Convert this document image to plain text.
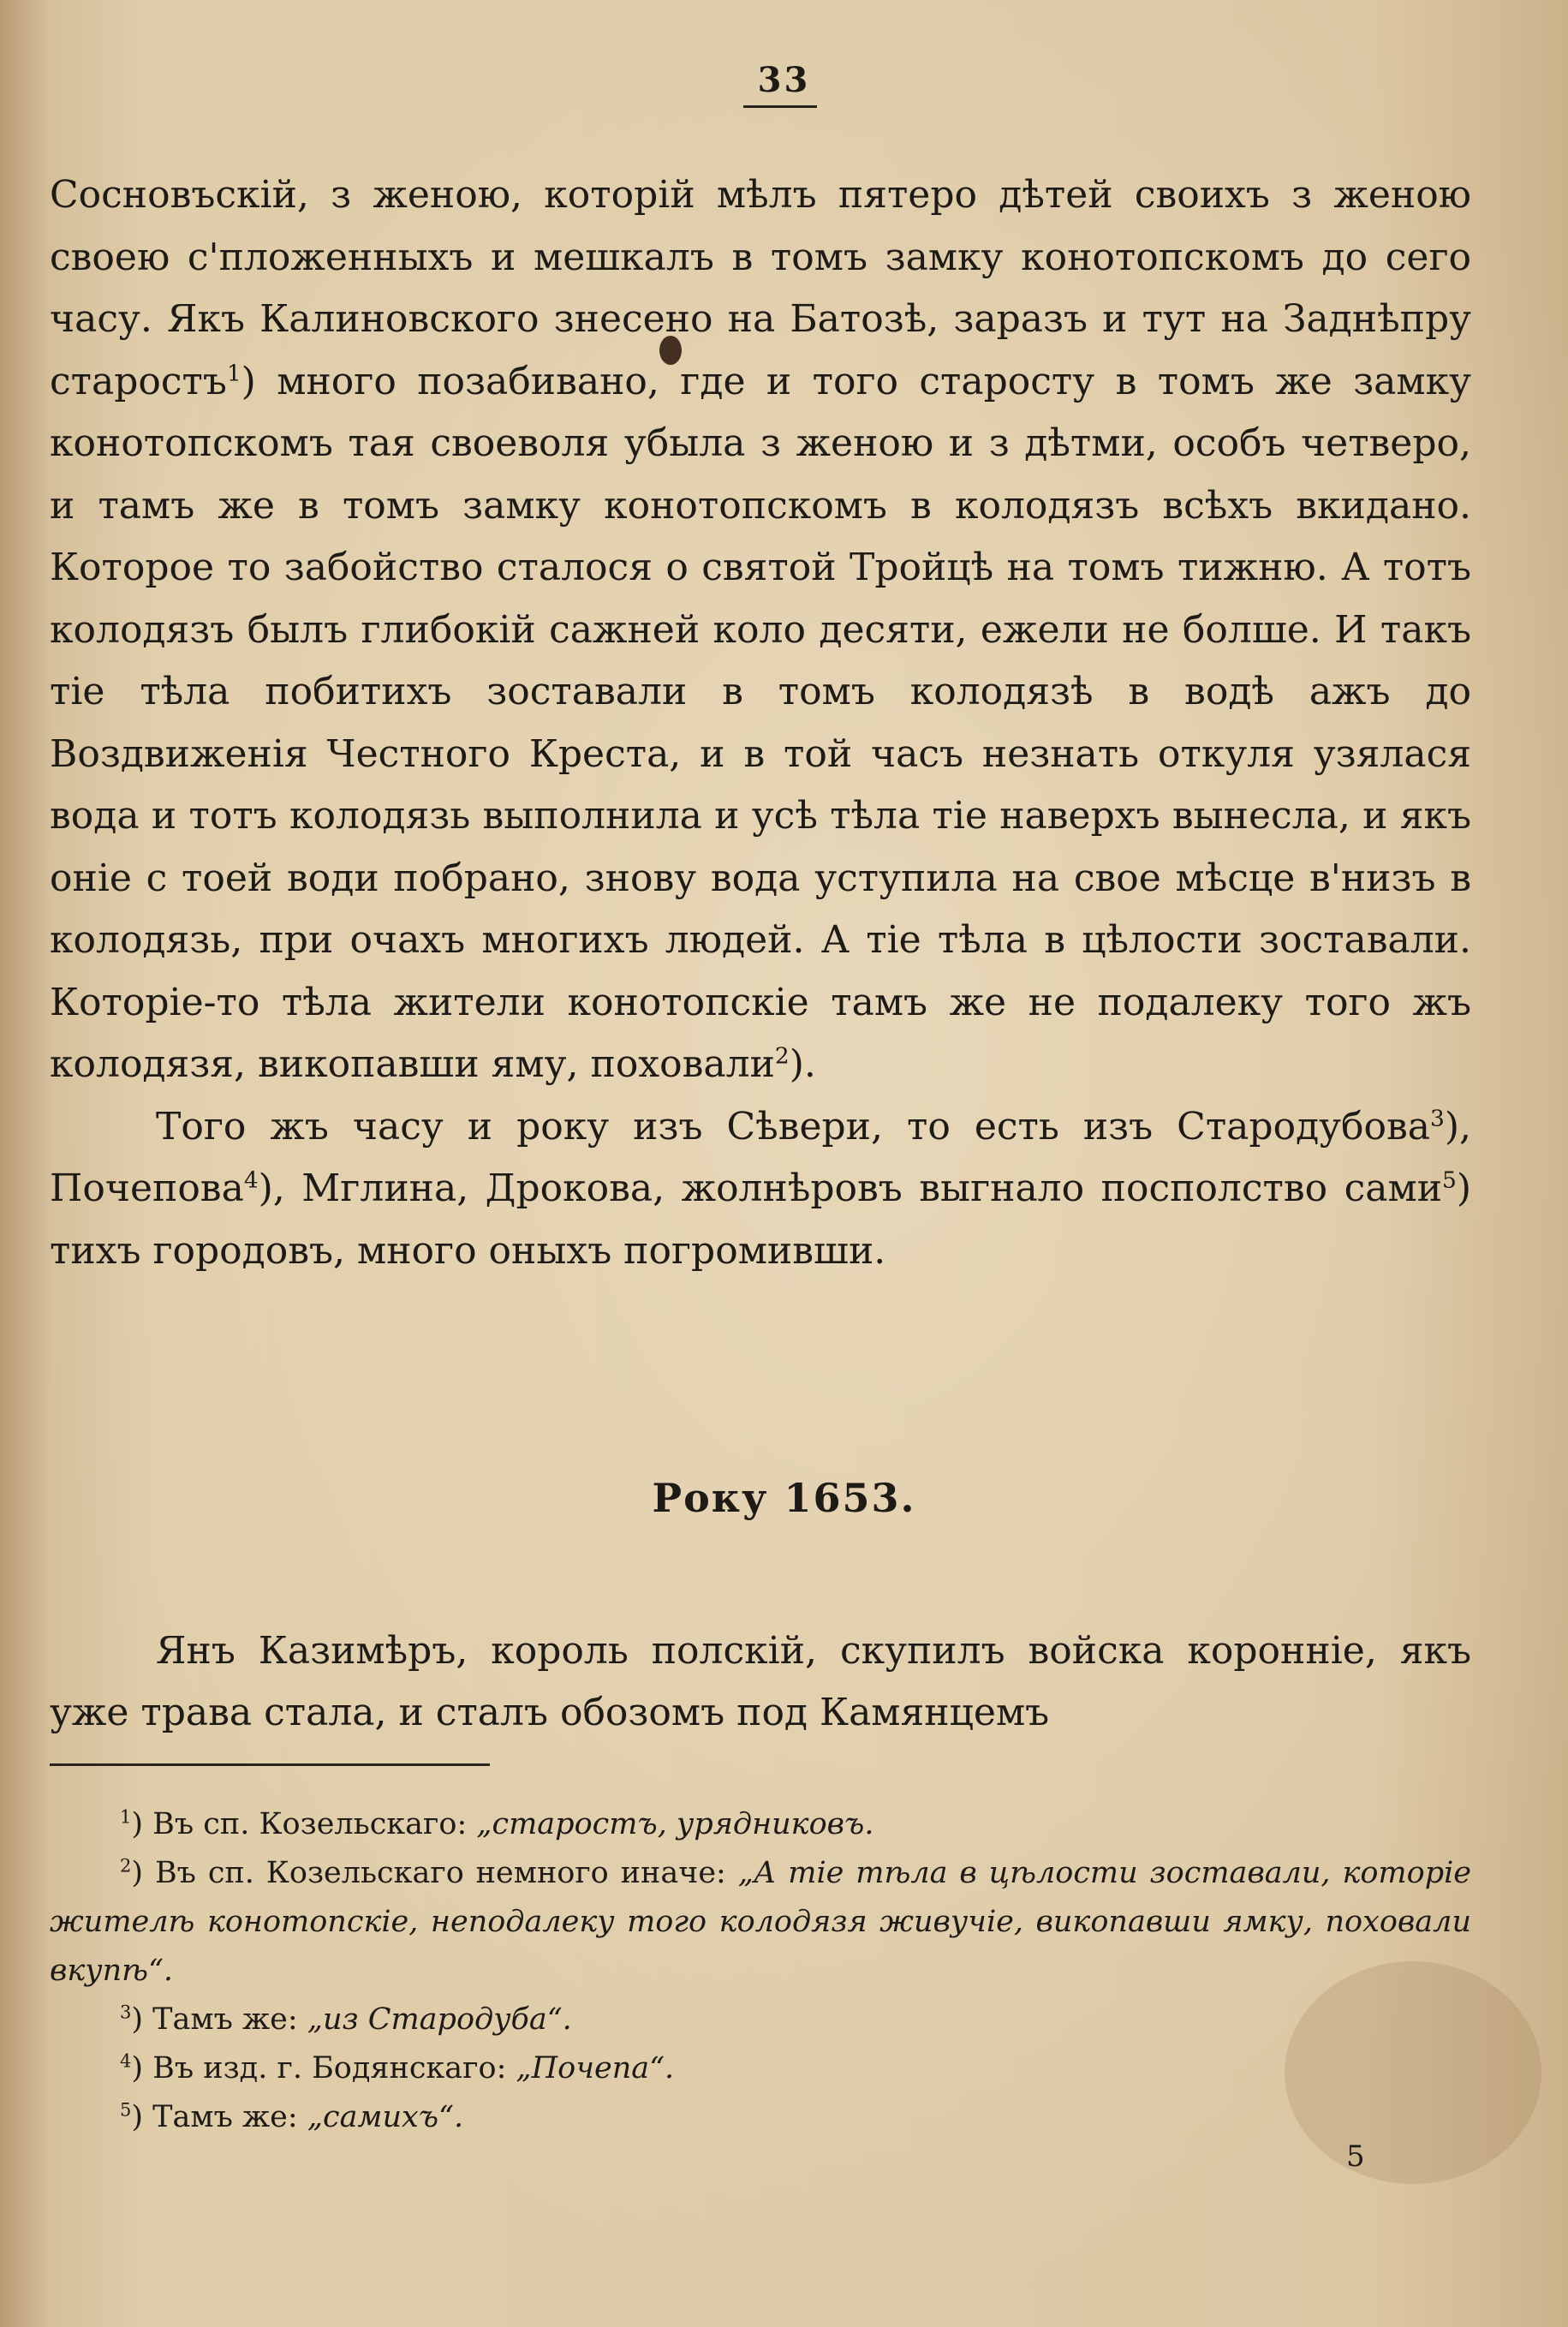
33

Сосновъскій, з женою, которій мѣлъ пятеро дѣтей своихъ з женою своею с'пложенныхъ и мешкалъ в томъ замку конотопскомъ до сего часу. Якъ Калиновского знесено на Батозѣ, заразъ и тут на Заднѣпру старостъ$^1$) много позабивано, где и того старосту в томъ же замку конотопскомъ тая своеволя убыла з женою и з дѣтми, особъ четверо, и тамъ же в томъ замку конотопскомъ в колодязъ всѣхъ вкидано. Которое то забойство сталося о святой Тройцѣ на томъ тижню. А тотъ колодязъ былъ глибокій сажней коло десяти, ежели не болше. И такъ тіе тѣла побитихъ зоставали в томъ колодязѣ в водѣ ажъ до Воздвиженія Честного Креста, и в той часъ незнать откуля узялася вода и тотъ колодязь выполнила и усѣ тѣла тіе наверхъ вынесла, и якъ оніе с тоей води побрано, знову вода уступила на свое мѣсце в'низъ в колодязь, при очахъ многихъ людей. А тіе тѣла в цѣлости зоставали. Которіе-то тѣла жители конотопскіе тамъ же не подалеку того жъ колодязя, викопавши яму, поховали$^2$).

Того жъ часу и року изъ Сѣвери, то есть изъ Стародубова$^3$), Почепова$^4$), Мглина, Дрокова, жолнѣровъ выгнало посполство сами$^5$) тихъ городовъ, много оныхъ погромивши.

Року 1653.

Янъ Казимѣръ, король полскій, скупилъ войска коронніе, якъ уже трава стала, и сталъ обозомъ под Камянцемъ

$^1$) Въ сп. Козельскаго: „старостъ, урядниковъ.

$^2$) Въ сп. Козельскаго немного иначе: „А тіе тѣла в цѣлости зоставали, которіе жителѣ конотопскіе, неподалеку того колодязя живучіе, викопавши ямку, поховали вкупѣ“.

$^3$) Тамъ же: „из Стародуба“.

$^4$) Въ изд. г. Бодянскаго: „Почепа“.

$^5$) Тамъ же: „самихъ“.

5
